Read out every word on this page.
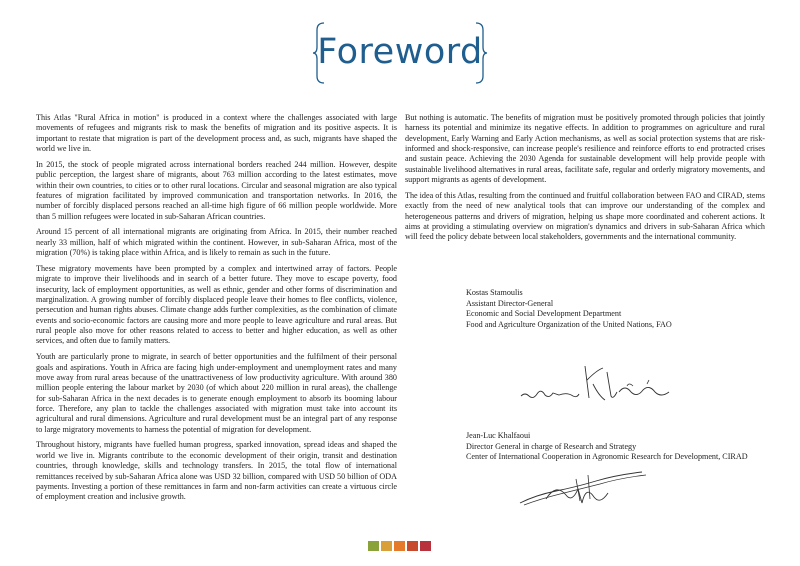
Foreword

This Atlas "Rural Africa in motion" is produced in a context where the challenges associated with large movements of refugees and migrants risk to mask the benefits of migration and its positive aspects. It is important to restate that migration is part of the development process and, as such, migrants have shaped the world we live in.

In 2015, the stock of people migrated across international borders reached 244 million. However, despite public perception, the largest share of migrants, about 763 million according to the latest estimates, move within their own countries, to cities or to other rural locations. Circular and seasonal migration are also typical features of migration facilitated by improved communication and transportation networks. In 2016, the number of forcibly displaced persons reached an all-time high figure of 66 million people worldwide. More than 5 million refugees were located in sub-Saharan African countries.

Around 15 percent of all international migrants are originating from Africa. In 2015, their number reached nearly 33 million, half of which migrated within the continent. However, in sub-Saharan Africa, most of the migration (70%) is taking place within Africa, and is likely to remain as such in the future.

These migratory movements have been prompted by a complex and intertwined array of factors. People migrate to improve their livelihoods and in search of a better future. They move to escape poverty, food insecurity, lack of employment opportunities, as well as ethnic, gender and other forms of discrimination and marginalization. A growing number of forcibly displaced people leave their homes to flee conflicts, violence, persecution and human rights abuses. Climate change adds further complexities, as the combination of climate events and socio-economic factors are causing more and more people to leave agriculture and rural areas. But rural people also move for other reasons related to access to better and higher education, as well as other services, and often due to family matters.

Youth are particularly prone to migrate, in search of better opportunities and the fulfilment of their personal goals and aspirations. Youth in Africa are facing high under-employment and unemployment rates and many move away from rural areas because of the unattractiveness of low productivity agriculture. With around 380 million people entering the labour market by 2030 (of which about 220 million in rural areas), the challenge for sub-Saharan Africa in the next decades is to generate enough employment to absorb its booming labour force. Therefore, any plan to tackle the challenges associated with migration must take into account its agricultural and rural dimensions. Agriculture and rural development must be an integral part of any response to large migratory movements to harness the potential of migration for development.

Throughout history, migrants have fuelled human progress, sparked innovation, spread ideas and shaped the world we live in. Migrants contribute to the economic development of their origin, transit and destination countries, through knowledge, skills and technology transfers. In 2015, the total flow of international remittances received by sub-Saharan Africa alone was USD 32 billion, compared with USD 50 billion of ODA payments. Investing a portion of these remittances in farm and non-farm activities can create a virtuous circle of employment creation and inclusive growth.

But nothing is automatic. The benefits of migration must be positively promoted through policies that jointly harness its potential and minimize its negative effects. In addition to programmes on agriculture and rural development, Early Warning and Early Action mechanisms, as well as social protection systems that are risk-informed and shock-responsive, can increase people's resilience and reinforce efforts to end protracted crises and sustain peace. Achieving the 2030 Agenda for sustainable development will help provide people with sustainable livelihood alternatives in rural areas, facilitate safe, regular and orderly migratory movements, and support migrants as agents of development.

The idea of this Atlas, resulting from the continued and fruitful collaboration between FAO and CIRAD, stems exactly from the need of new analytical tools that can improve our understanding of the complex and heterogeneous patterns and drivers of migration, helping us shape more coordinated and coherent actions. It aims at providing a stimulating overview on migration's dynamics and drivers in sub-Saharan Africa which will feed the policy debate between local stakeholders, governments and the international community.

Kostas Stamoulis
Assistant Director-General
Economic and Social Development Department
Food and Agriculture Organization of the United Nations, FAO
Jean-Luc Khalfaoui
Director General in charge of Research and Strategy
Center of International Cooperation in Agronomic Research for Development, CIRAD
